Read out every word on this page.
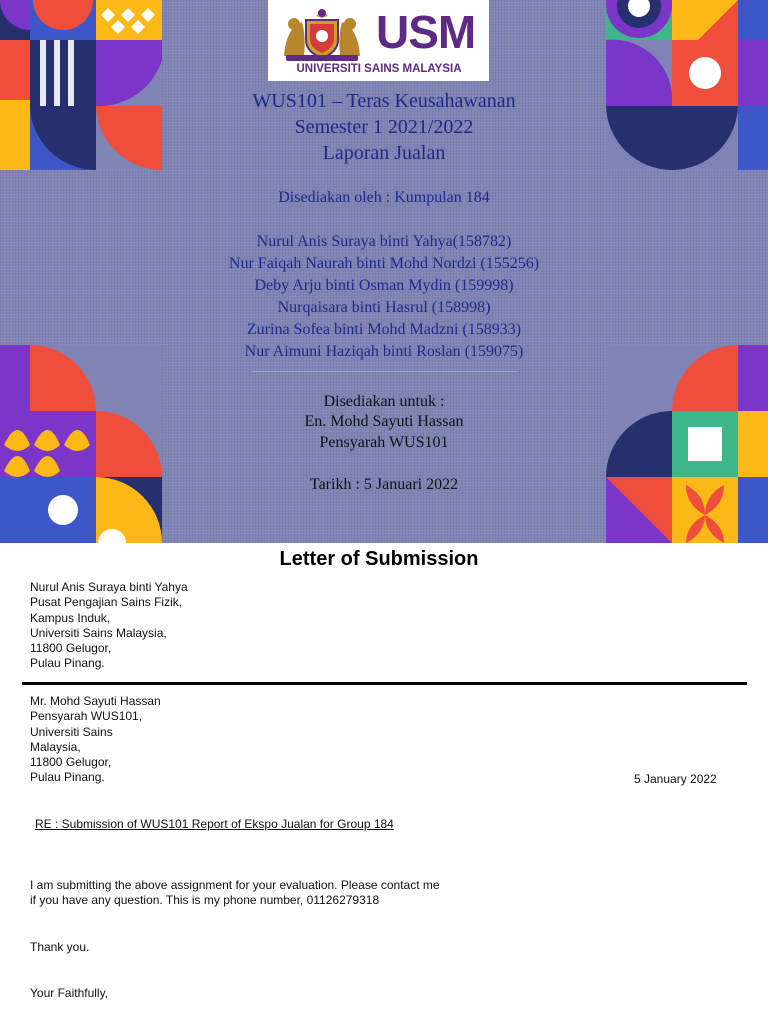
USM
UNIVERSITI SAINS MALAYSIA
WUS101 – Teras Keusahawanan
Semester 1 2021/2022
Laporan Jualan
Disediakan oleh : Kumpulan 184
Nurul Anis Suraya binti Yahya(158782)
Nur Faiqah Naurah binti Mohd Nordzi (155256)
Deby Arju binti Osman Mydin (159998)
Nurqaisara binti Hasrul (158998)
Zurina Sofea binti Mohd Madzni (158933)
Nur Aimuni Haziqah binti Roslan (159075)
Disediakan untuk :
En. Mohd Sayuti Hassan
Pensyarah WUS101
Tarikh : 5 Januari 2022
Letter of Submission
Nurul Anis Suraya binti Yahya
Pusat Pengajian Sains Fizik,
Kampus Induk,
Universiti Sains Malaysia,
11800 Gelugor,
Pulau Pinang.
Mr. Mohd Sayuti Hassan
Pensyarah WUS101,
Universiti Sains
Malaysia,
11800 Gelugor,
Pulau Pinang.	5 January 2022
RE : Submission of WUS101 Report of Ekspo Jualan for Group 184
I am submitting the above assignment for your evaluation. Please contact me
if you have any question. This is my phone number, 01126279318
Thank you.
Your Faithfully,
